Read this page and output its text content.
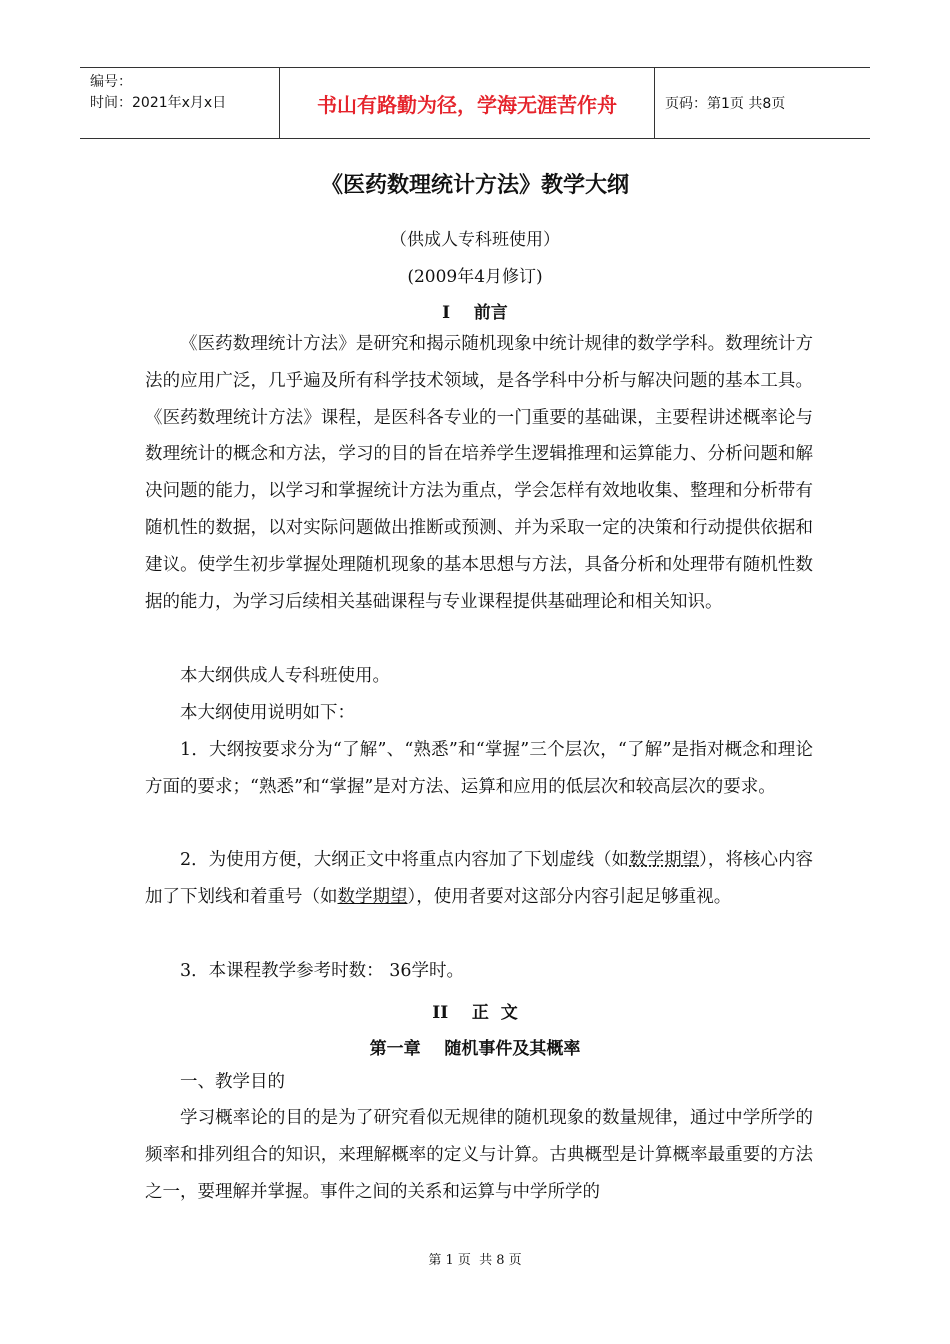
编号：
时间：2021年x月x日	书山有路勤为径，学海无涯苦作舟	页码：第1页 共8页
《医药数理统计方法》教学大纲
（供成人专科班使用）
(2009年4月修订)
I    前言
《医药数理统计方法》是研究和揭示随机现象中统计规律的数学学科。数理统计方法的应用广泛，几乎遍及所有科学技术领域，是各学科中分析与解决问题的基本工具。《医药数理统计方法》课程，是医科各专业的一门重要的基础课，主要程讲述概率论与数理统计的概念和方法，学习的目的旨在培养学生逻辑推理和运算能力、分析问题和解决问题的能力，以学习和掌握统计方法为重点，学会怎样有效地收集、整理和分析带有随机性的数据，以对实际问题做出推断或预测、并为采取一定的决策和行动提供依据和建议。使学生初步掌握处理随机现象的基本思想与方法，具备分析和处理带有随机性数据的能力，为学习后续相关基础课程与专业课程提供基础理论和相关知识。
本大纲供成人专科班使用。
本大纲使用说明如下：
1．大纲按要求分为“了解”、“熟悉”和“掌握”三个层次，“了解”是指对概念和理论方面的要求；“熟悉”和“掌握”是对方法、运算和应用的低层次和较高层次的要求。
2．为使用方便，大纲正文中将重点内容加了下划虚线（如数学期望），将核心内容加了下划线和着重号（如数学期望），使用者要对这部分内容引起足够重视。
3．本课程教学参考时数： 36学时。
II    正  文
第一章    随机事件及其概率
一、教学目的
学习概率论的目的是为了研究看似无规律的随机现象的数量规律，通过中学所学的频率和排列组合的知识，来理解概率的定义与计算。古典概型是计算概率最重要的方法之一，要理解并掌握。事件之间的关系和运算与中学所学的
第 1 页  共 8 页
